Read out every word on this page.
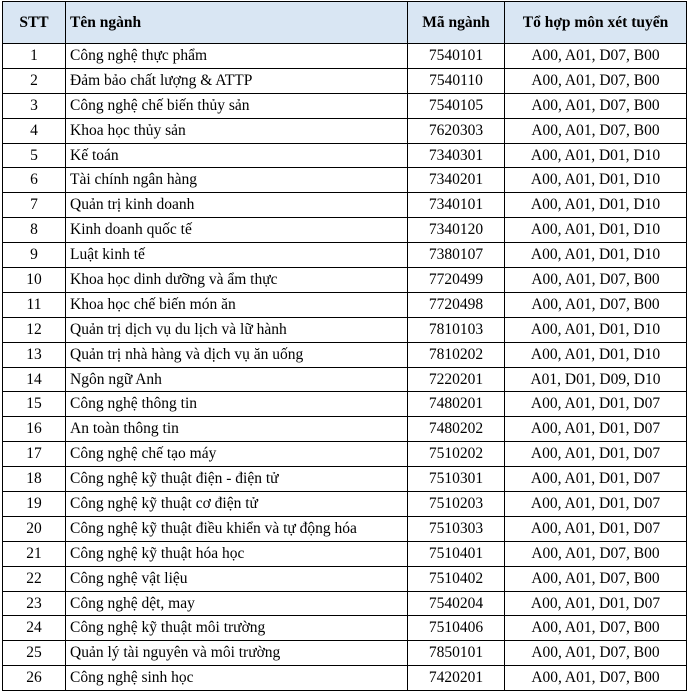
STT	Tên ngành	Mã ngành	Tổ hợp môn xét tuyển
1	Công nghệ thực phẩm	7540101	A00, A01, D07, B00
2	Đảm bảo chất lượng & ATTP	7540110	A00, A01, D07, B00
3	Công nghệ chế biến thủy sản	7540105	A00, A01, D07, B00
4	Khoa học thủy sản	7620303	A00, A01, D07, B00
5	Kế toán	7340301	A00, A01, D01, D10
6	Tài chính ngân hàng	7340201	A00, A01, D01, D10
7	Quản trị kinh doanh	7340101	A00, A01, D01, D10
8	Kinh doanh quốc tế	7340120	A00, A01, D01, D10
9	Luật kinh tế	7380107	A00, A01, D01, D10
10	Khoa học dinh dưỡng và ẩm thực	7720499	A00, A01, D07, B00
11	Khoa học chế biến món ăn	7720498	A00, A01, D07, B00
12	Quản trị dịch vụ du lịch và lữ hành	7810103	A00, A01, D01, D10
13	Quản trị nhà hàng và dịch vụ ăn uống	7810202	A00, A01, D01, D10
14	Ngôn ngữ Anh	7220201	A01, D01, D09, D10
15	Công nghệ thông tin	7480201	A00, A01, D01, D07
16	An toàn thông tin	7480202	A00, A01, D01, D07
17	Công nghệ chế tạo máy	7510202	A00, A01, D01, D07
18	Công nghệ kỹ thuật điện - điện tử	7510301	A00, A01, D01, D07
19	Công nghệ kỹ thuật cơ điện tử	7510203	A00, A01, D01, D07
20	Công nghệ kỹ thuật điều khiển và tự động hóa	7510303	A00, A01, D01, D07
21	Công nghệ kỹ thuật hóa học	7510401	A00, A01, D07, B00
22	Công nghệ vật liệu	7510402	A00, A01, D07, B00
23	Công nghệ dệt, may	7540204	A00, A01, D01, D07
24	Công nghệ kỹ thuật môi trường	7510406	A00, A01, D07, B00
25	Quản lý tài nguyên và môi trường	7850101	A00, A01, D07, B00
26	Công nghệ sinh học	7420201	A00, A01, D07, B00
